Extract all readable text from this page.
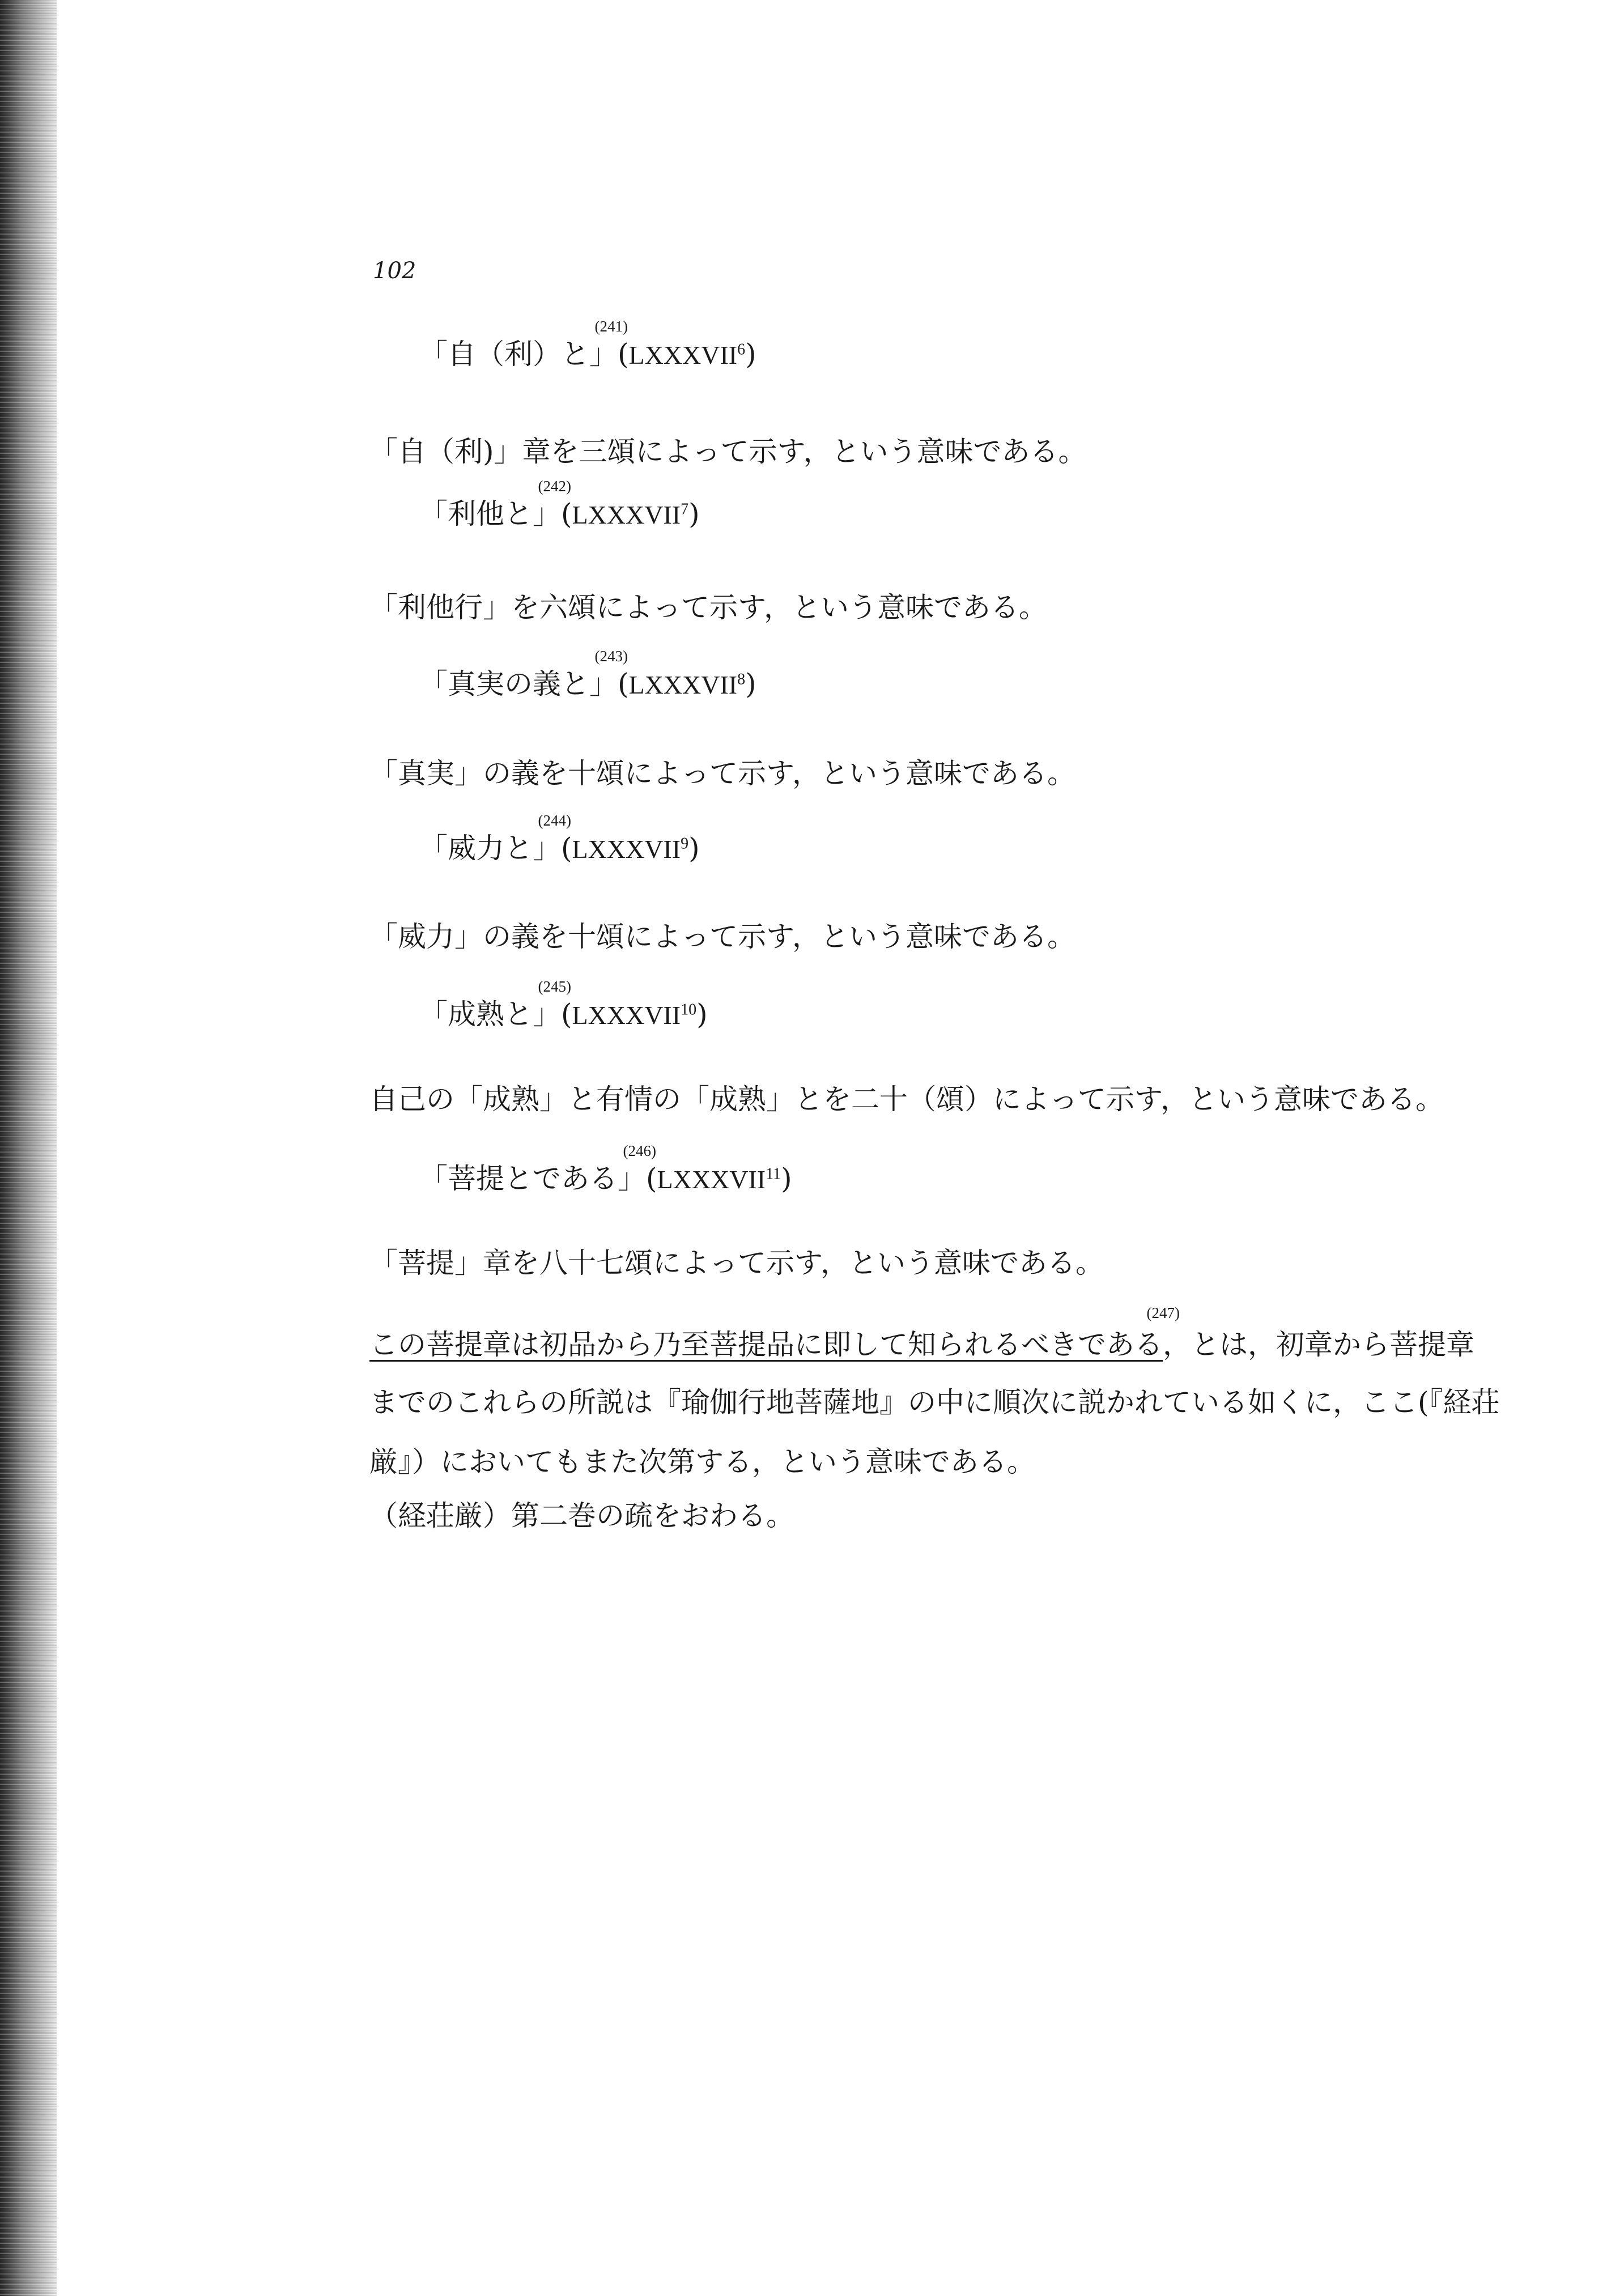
102
「自（利）と」(LXXXVII$^6$
(241)
)
「自（利)」章を三頌によって示す，という意味である。
「利他と」(LXXXVII$^7$
(242)
)
「利他行」を六頌によって示す，という意味である。
「真実の義と」(LXXXVII$^8$
(243)
)
「真実」の義を十頌によって示す，という意味である。
「威力と」(LXXXVII$^9$
(244)
)
「威力」の義を十頌によって示す，という意味である。
「成熟と」(LXXXVII$^{10}$
(245)
)
自己の「成熟」と有情の「成熟」とを二十（頌）によって示す，という意味である。
「菩提とである」(LXXXVII$^{11}$
(246)
)
「菩提」章を八十七頌によって示す，という意味である。
この菩提章は初品から乃至菩提品に即して知られるべきである
(247)
，とは，初章から菩提章
までのこれらの所説は『瑜伽行地菩薩地』の中に順次に説かれている如くに，ここ(『経荘
厳』）においてもまた次第する，という意味である。
（経荘厳）第二巻の疏をおわる。
